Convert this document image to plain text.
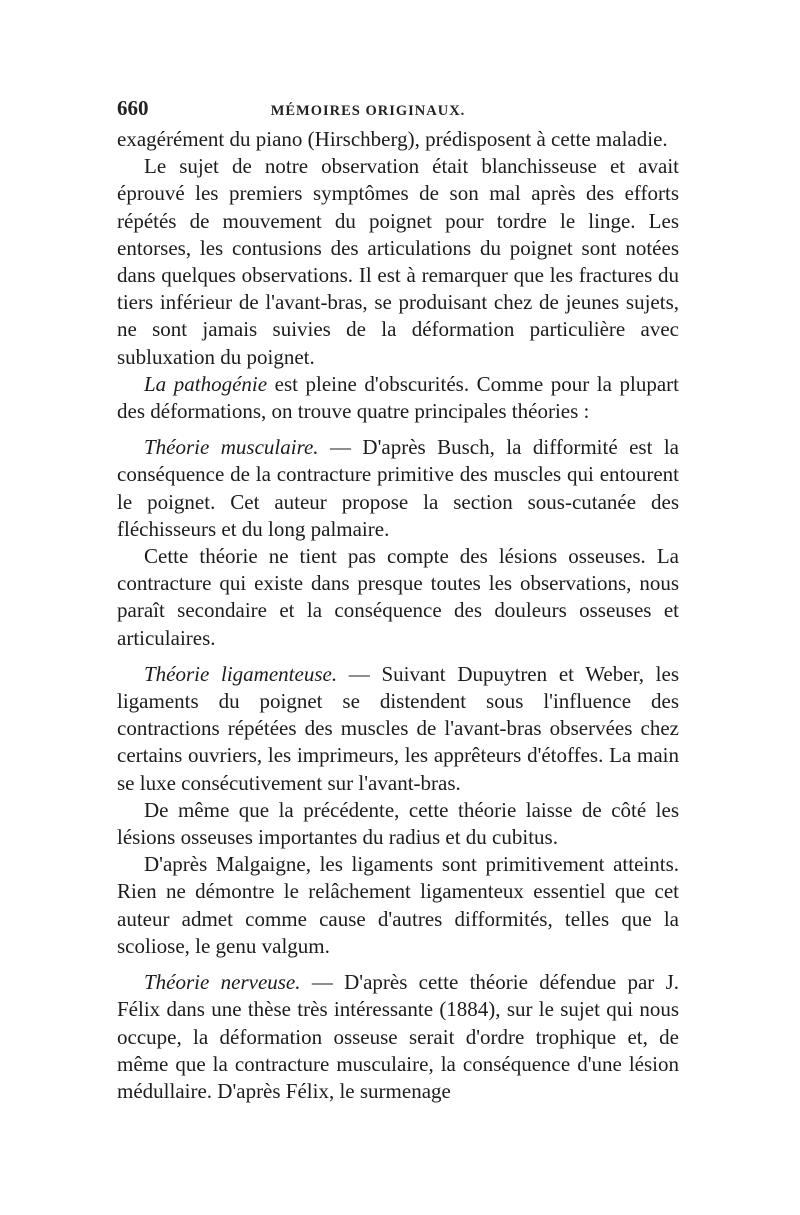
660	MÉMOIRES ORIGINAUX.

exagérément du piano (Hirschberg), prédisposent à cette maladie.

Le sujet de notre observation était blanchisseuse et avait éprouvé les premiers symptômes de son mal après des efforts répétés de mouvement du poignet pour tordre le linge. Les entorses, les contusions des articulations du poignet sont notées dans quelques observations. Il est à remarquer que les fractures du tiers inférieur de l'avant-bras, se produisant chez de jeunes sujets, ne sont jamais suivies de la déformation particulière avec subluxation du poignet.

La pathogénie est pleine d'obscurités. Comme pour la plupart des déformations, on trouve quatre principales théories :

Théorie musculaire. — D'après Busch, la difformité est la conséquence de la contracture primitive des muscles qui entourent le poignet. Cet auteur propose la section sous-cutanée des fléchisseurs et du long palmaire.

Cette théorie ne tient pas compte des lésions osseuses. La contracture qui existe dans presque toutes les observations, nous paraît secondaire et la conséquence des douleurs osseuses et articulaires.

Théorie ligamenteuse. — Suivant Dupuytren et Weber, les ligaments du poignet se distendent sous l'influence des contractions répétées des muscles de l'avant-bras observées chez certains ouvriers, les imprimeurs, les apprêteurs d'étoffes. La main se luxe consécutivement sur l'avant-bras.

De même que la précédente, cette théorie laisse de côté les lésions osseuses importantes du radius et du cubitus.

D'après Malgaigne, les ligaments sont primitivement atteints. Rien ne démontre le relâchement ligamenteux essentiel que cet auteur admet comme cause d'autres difformités, telles que la scoliose, le genu valgum.

Théorie nerveuse. — D'après cette théorie défendue par J. Félix dans une thèse très intéressante (1884), sur le sujet qui nous occupe, la déformation osseuse serait d'ordre trophique et, de même que la contracture musculaire, la conséquence d'une lésion médullaire. D'après Félix, le surmenage
